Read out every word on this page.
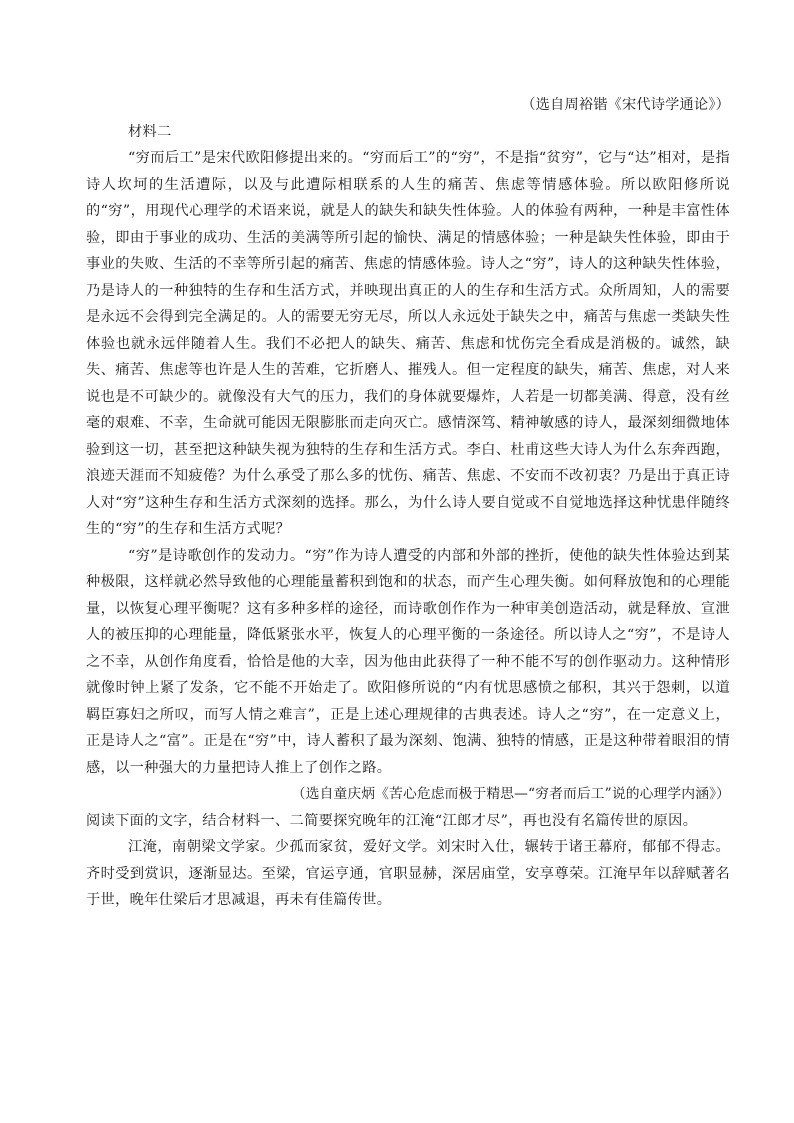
（选自周裕锴《宋代诗学通论》）

材料二

“穷而后工”是宋代欧阳修提出来的。“穷而后工”的“穷”，不是指“贫穷”，它与“达”相对，是指诗人坎坷的生活遭际，以及与此遭际相联系的人生的痛苦、焦虑等情感体验。所以欧阳修所说的“穷”，用现代心理学的术语来说，就是人的缺失和缺失性体验。人的体验有两种，一种是丰富性体验，即由于事业的成功、生活的美满等所引起的愉快、满足的情感体验；一种是缺失性体验，即由于事业的失败、生活的不幸等所引起的痛苦、焦虑的情感体验。诗人之“穷”，诗人的这种缺失性体验，乃是诗人的一种独特的生存和生活方式，并映现出真正的人的生存和生活方式。众所周知，人的需要是永远不会得到完全满足的。人的需要无穷无尽，所以人永远处于缺失之中，痛苦与焦虑一类缺失性体验也就永远伴随着人生。我们不必把人的缺失、痛苦、焦虑和忧伤完全看成是消极的。诚然，缺失、痛苦、焦虑等也许是人生的苦难，它折磨人、摧残人。但一定程度的缺失，痛苦、焦虑，对人来说也是不可缺少的。就像没有大气的压力，我们的身体就要爆炸，人若是一切都美满、得意，没有丝毫的艰难、不幸，生命就可能因无限膨胀而走向灭亡。感情深笃、精神敏感的诗人，最深刻细微地体验到这一切，甚至把这种缺失视为独特的生存和生活方式。李白、杜甫这些大诗人为什么东奔西跑，浪迹天涯而不知疲倦？为什么承受了那么多的忧伤、痛苦、焦虑、不安而不改初衷？乃是出于真正诗人对“穷”这种生存和生活方式深刻的选择。那么，为什么诗人要自觉或不自觉地选择这种忧患伴随终生的“穷”的生存和生活方式呢？

“穷”是诗歌创作的发动力。“穷”作为诗人遭受的内部和外部的挫折，使他的缺失性体验达到某种极限，这样就必然导致他的心理能量蓄积到饱和的状态，而产生心理失衡。如何释放饱和的心理能量，以恢复心理平衡呢？这有多种多样的途径，而诗歌创作作为一种审美创造活动，就是释放、宣泄人的被压抑的心理能量，降低紧张水平，恢复人的心理平衡的一条途径。所以诗人之“穷”，不是诗人之不幸，从创作角度看，恰恰是他的大幸，因为他由此获得了一种不能不写的创作驱动力。这种情形就像时钟上紧了发条，它不能不开始走了。欧阳修所说的“内有忧思感愤之郁积，其兴于怨刺，以道羁臣寡妇之所叹，而写人情之难言”，正是上述心理规律的古典表述。诗人之“穷”，在一定意义上，正是诗人之“富”。正是在“穷”中，诗人蓄积了最为深刻、饱满、独特的情感，正是这种带着眼泪的情感，以一种强大的力量把诗人推上了创作之路。

（选自童庆炳《苦心危虑而极于精思—“穷者而后工”说的心理学内涵》）

阅读下面的文字，结合材料一、二简要探究晚年的江淹“江郎才尽”，再也没有名篇传世的原因。

江淹，南朝梁文学家。少孤而家贫，爱好文学。刘宋时入仕，辗转于诸王幕府，郁郁不得志。齐时受到赏识，逐渐显达。至梁，官运亨通，官职显赫，深居庙堂，安享尊荣。江淹早年以辞赋著名于世，晚年仕梁后才思减退，再未有佳篇传世。
